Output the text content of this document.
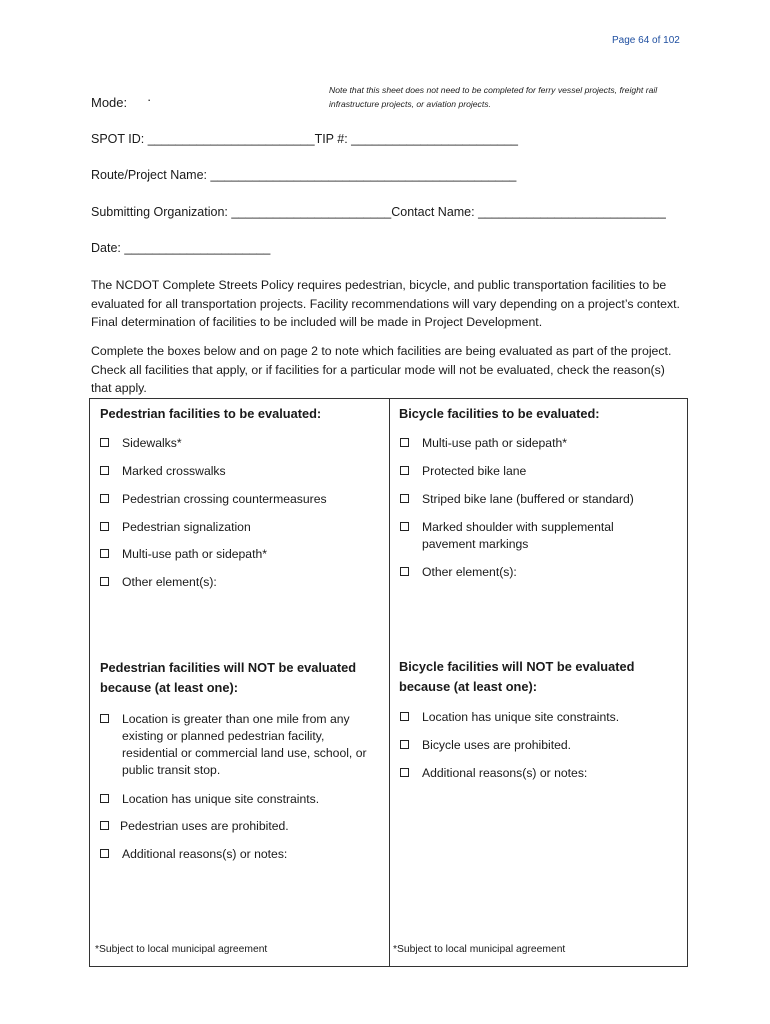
Page 64 of 102
Mode: ·
Note that this sheet does not need to be completed for ferry vessel projects, freight rail infrastructure projects, or aviation projects.
SPOT ID: ________________________TIP #: ________________________
Route/Project Name: ____________________________________________
Submitting Organization: _______________________Contact Name: ___________________________
Date: _____________________
The NCDOT Complete Streets Policy requires pedestrian, bicycle, and public transportation facilities to be evaluated for all transportation projects. Facility recommendations will vary depending on a project’s context. Final determination of facilities to be included will be made in Project Development.
Complete the boxes below and on page 2 to note which facilities are being evaluated as part of the project. Check all facilities that apply, or if facilities for a particular mode will not be evaluated, check the reason(s) that apply.
Pedestrian facilities to be evaluated:
Sidewalks*
Marked crosswalks
Pedestrian crossing countermeasures
Pedestrian signalization
Multi-use path or sidepath*
Other element(s):
Pedestrian facilities will NOT be evaluated
because (at least one):
Location is greater than one mile from any existing or planned pedestrian facility, residential or commercial land use, school, or public transit stop.
Location has unique site constraints.
Pedestrian uses are prohibited.
Additional reasons(s) or notes:
*Subject to local municipal agreement
Bicycle facilities to be evaluated:
Multi-use path or sidepath*
Protected bike lane
Striped bike lane (buffered or standard)
Marked shoulder with supplemental pavement markings
Other element(s):
Bicycle facilities will NOT be evaluated
because (at least one):
Location has unique site constraints.
Bicycle uses are prohibited.
Additional reasons(s) or notes:
*Subject to local municipal agreement
